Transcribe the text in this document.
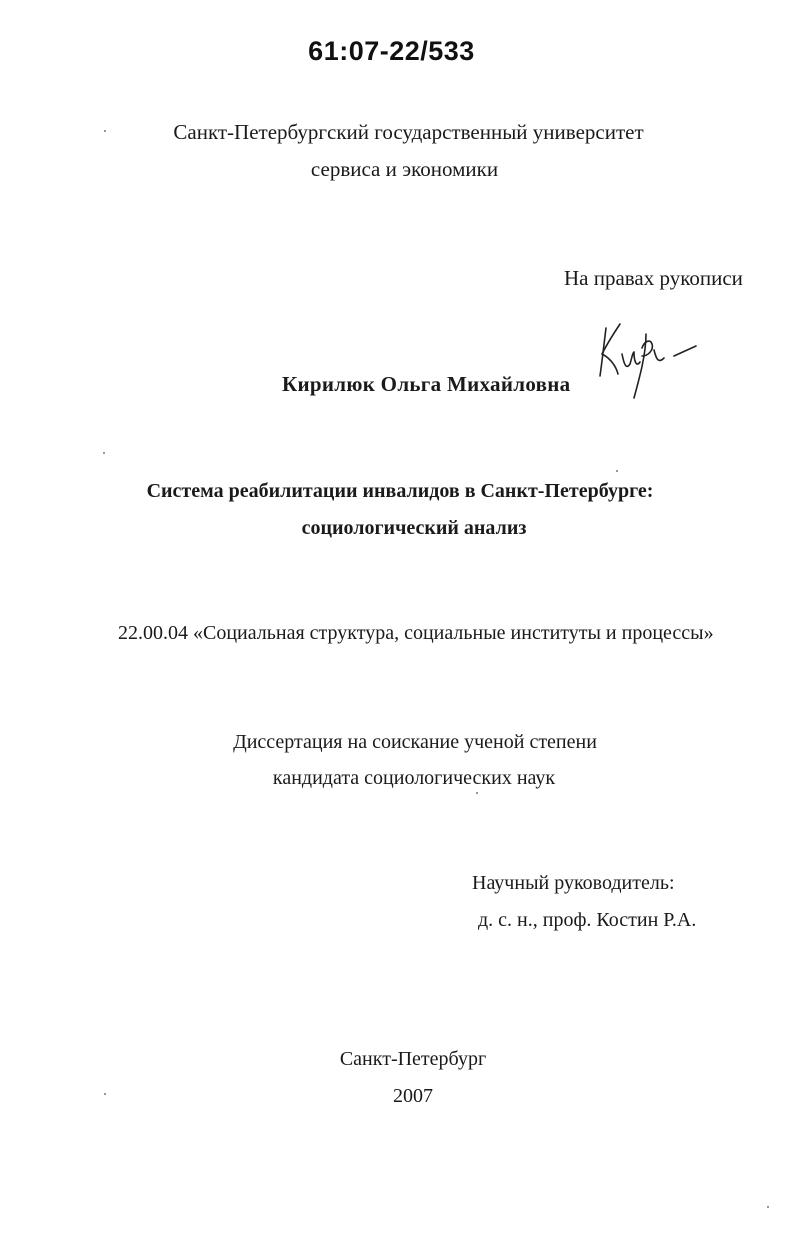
61:07-22/533
Санкт-Петербургский государственный университет
сервиса и экономики
На правах рукописи
Кирилюк Ольга Михайловна
Система реабилитации инвалидов в Санкт-Петербурге:
социологический анализ
22.00.04 «Социальная структура, социальные институты и процессы»
Диссертация на соискание ученой степени
кандидата социологических наук
Научный руководитель:
д. с. н., проф. Костин Р.А.
Санкт-Петербург
2007
